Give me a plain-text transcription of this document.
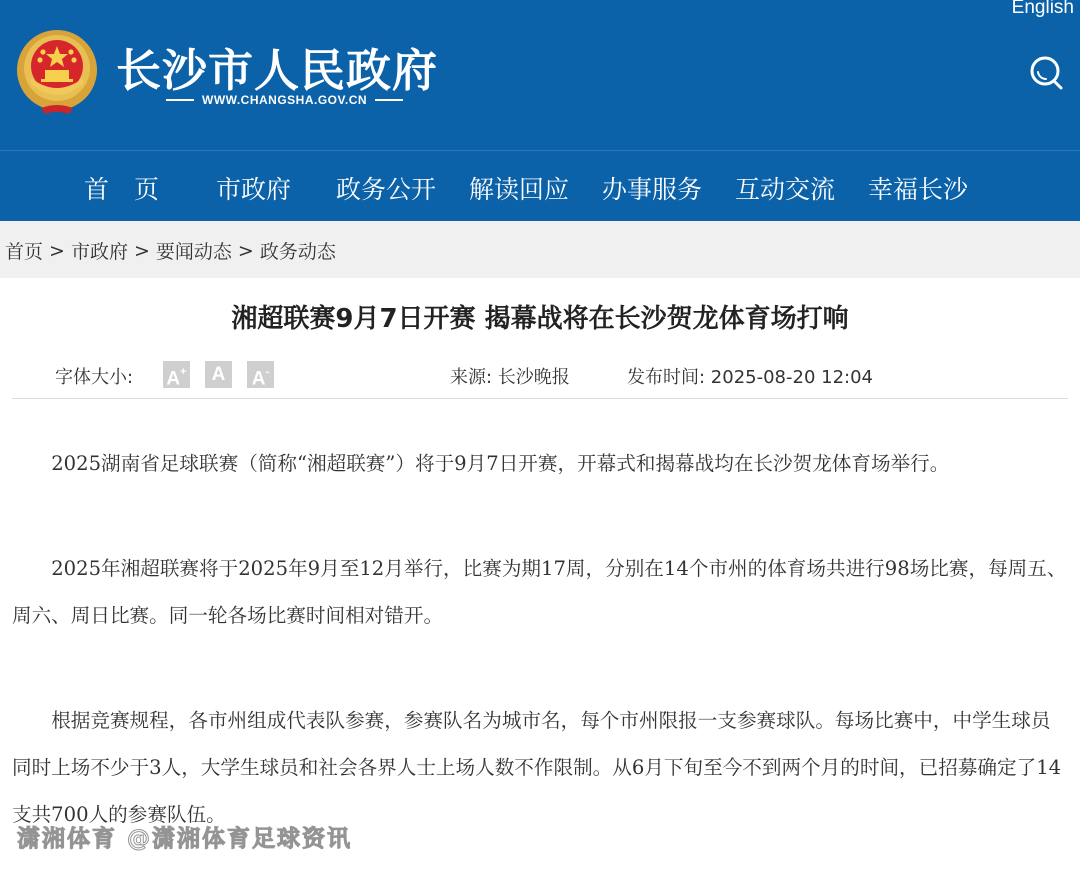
English
长沙市人民政府
WWW.CHANGSHA.GOV.CN
首　页 市政府 政务公开 解读回应 办事服务 互动交流 幸福长沙
首页 > 市政府 > 要闻动态 > 政务动态
湘超联赛9月7日开赛 揭幕战将在长沙贺龙体育场打响
字体大小: A+	A	A-	来源: 长沙晚报	发布时间: 2025-08-20 12:04

2025湖南省足球联赛（简称“湘超联赛”）将于9月7日开赛，开幕式和揭幕战均在长沙贺龙体育场举行。

2025年湘超联赛将于2025年9月至12月举行，比赛为期17周，分别在14个市州的体育场共进行98场比赛，每周五、周六、周日比赛。同一轮各场比赛时间相对错开。

根据竞赛规程，各市州组成代表队参赛，参赛队名为城市名，每个市州限报一支参赛球队。每场比赛中，中学生球员同时上场不少于3人，大学生球员和社会各界人士上场人数不作限制。从6月下旬至今不到两个月的时间，已招募确定了14支共700人的参赛队伍。

潇湘体育 @潇湘体育足球资讯
